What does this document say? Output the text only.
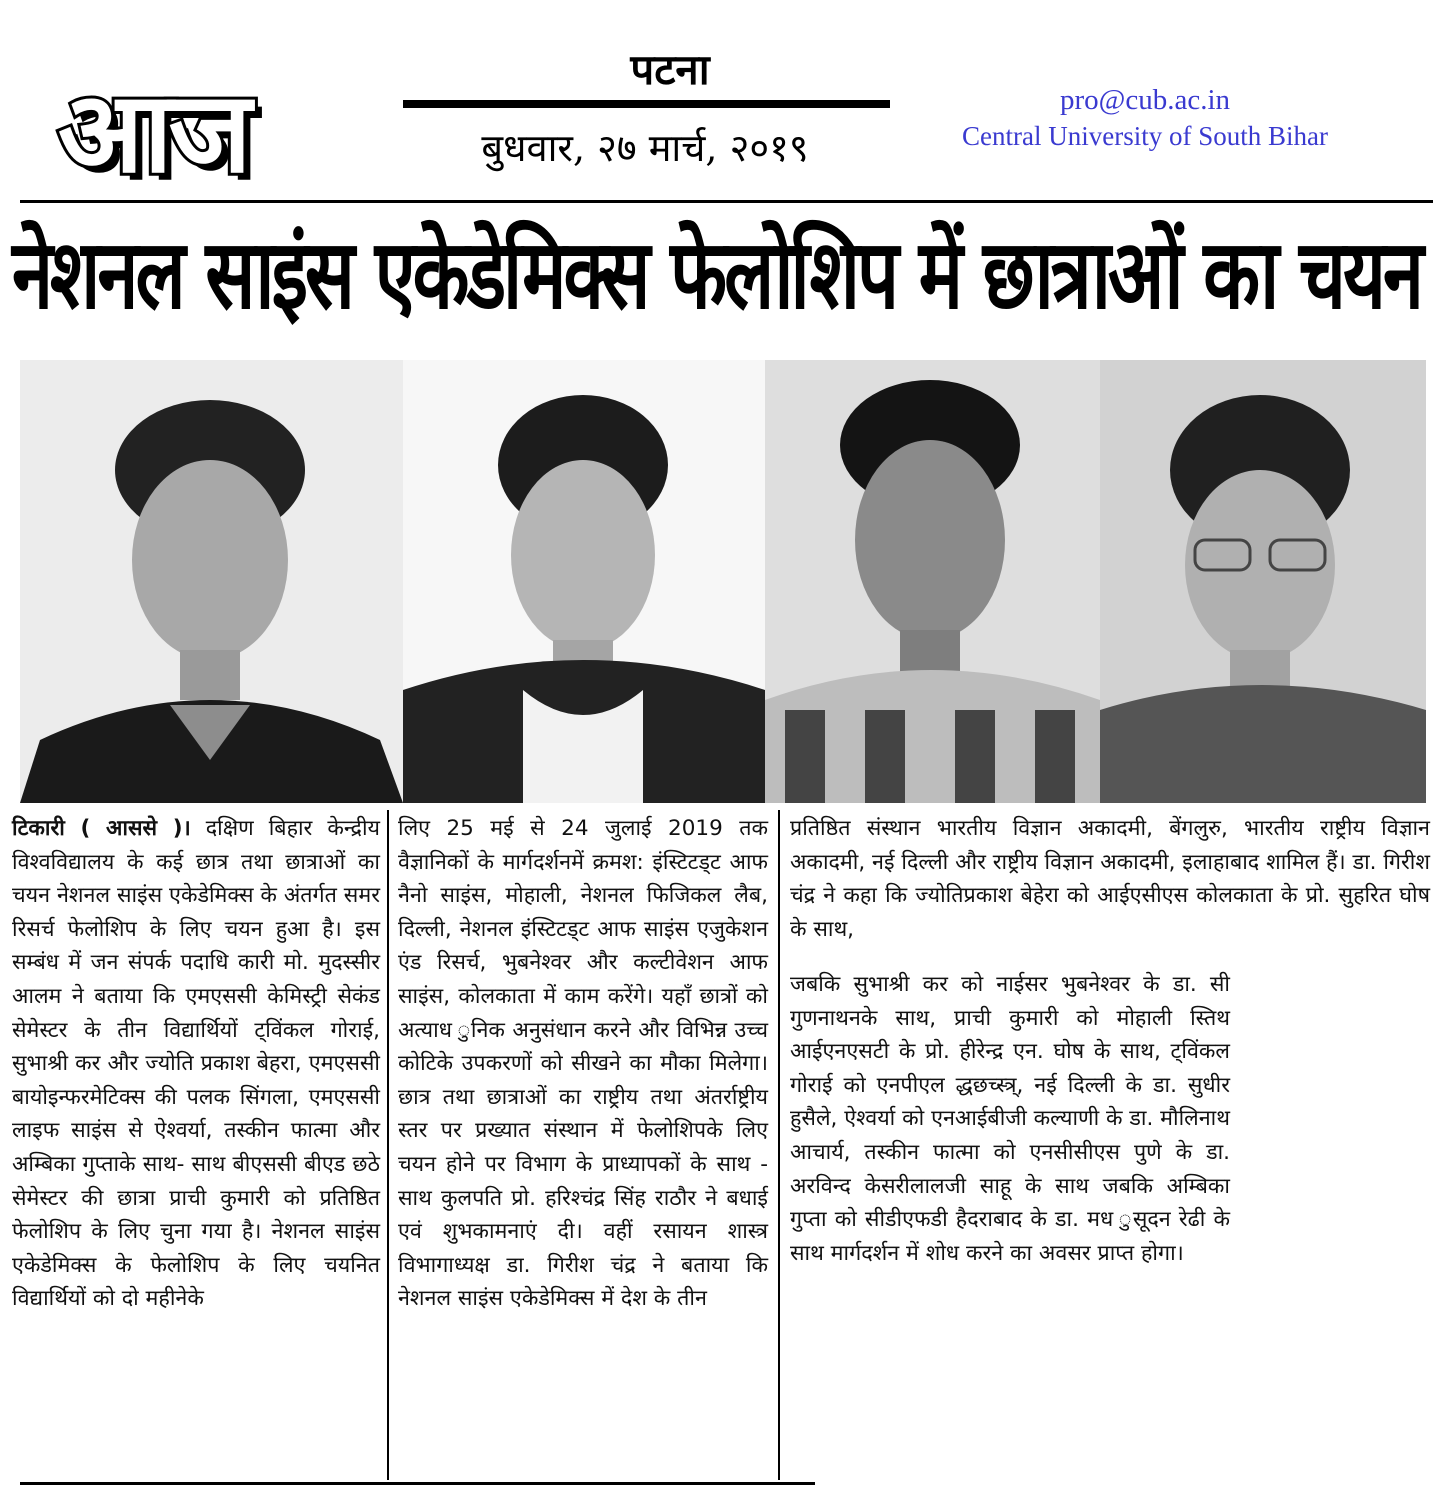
आज	पटना
बुधवार, २७ मार्च, २०१९
pro@cub.ac.in
Central University of South Bihar
नेशनल साइंस एकेडेमिक्स फेलोशिप में छात्राओं का चयन
टिकारी ( आससे )। दक्षिण बिहार केन्द्रीय विश्वविद्यालय के कई छात्र तथा छात्राओं का चयन नेशनल साइंस एकेडेमिक्स के अंतर्गत समर रिसर्च फेलोशिप के लिए चयन हुआ है। इस सम्बंध में जन संपर्क पदाधि कारी मो. मुदस्सीर आलम ने बताया कि एमएससी केमिस्ट्री सेकंड सेमेस्टर के तीन विद्यार्थियों ट्विंकल गोराई, सुभाश्री कर और ज्योति प्रकाश बेहरा, एमएससी बायोइन्फरमेटिक्स की पलक सिंगला, एमएससी लाइफ साइंस से ऐश्वर्या, तस्कीन फात्मा और अम्बिका गुप्ताके साथ- साथ बीएससी बीएड छठे सेमेस्टर की छात्रा प्राची कुमारी को प्रतिष्ठित फेलोशिप के लिए चुना गया है। नेशनल साइंस एकेडेमिक्स के फेलोशिप के लिए चयनित विद्यार्थियों को दो महीनेके
लिए 25 मई से 24 जुलाई 2019 तक वैज्ञानिकों के मार्गदर्शनमें क्रमश: इंस्टिटड्ट आफ नैनो साइंस, मोहाली, नेशनल फिजिकल लैब, दिल्ली, नेशनल इंस्टिटड्ट आफ साइंस एजुकेशन एंड रिसर्च, भुबनेश्वर और कल्टीवेशन आफ साइंस, कोलकाता में काम करेंगे। यहाँ छात्रों को अत्याध ुनिक अनुसंधान करने और विभिन्न उच्च कोटिके उपकरणों को सीखने का मौका मिलेगा। छात्र तथा छात्राओं का राष्ट्रीय तथा अंतर्राष्ट्रीय स्तर पर प्रख्यात संस्थान में फेलोशिपके लिए चयन होने पर विभाग के प्राध्यापकों के साथ - साथ कुलपति प्रो. हरिश्चंद्र सिंह राठौर ने बधाई एवं शुभकामनाएं दी। वहीं रसायन शास्त्र विभागाध्यक्ष डा. गिरीश चंद्र ने बताया कि नेशनल साइंस एकेडेमिक्स में देश के तीन
प्रतिष्ठित संस्थान भारतीय विज्ञान अकादमी, बेंगलुरु, भारतीय राष्ट्रीय विज्ञान अकादमी, नई दिल्ली और राष्ट्रीय विज्ञान अकादमी, इलाहाबाद शामिल हैं। डा. गिरीश चंद्र ने कहा कि ज्योतिप्रकाश बेहेरा को आईएसीएस कोलकाता के प्रो. सुहरित घोष के साथ,
जबकि सुभाश्री कर को नाईसर भुबनेश्वर के डा. सी गुणनाथनके साथ, प्राची कुमारी को मोहाली स्तिथ आईएनएसटी के प्रो. हीरेन्द्र एन. घोष के साथ, ट्विंकल गोराई को एनपीएल द्धछच्स्त्र्, नई दिल्ली के डा. सुधीर हुसैले, ऐश्वर्या को एनआईबीजी कल्याणी के डा. मौलिनाथ आचार्य, तस्कीन फात्मा को एनसीसीएस पुणे के डा. अरविन्द केसरीलालजी साहू के साथ जबकि अम्बिका गुप्ता को सीडीएफडी हैदराबाद के डा. मध ुसूदन रेढी के साथ मार्गदर्शन में शोध करने का अवसर प्राप्त होगा।
